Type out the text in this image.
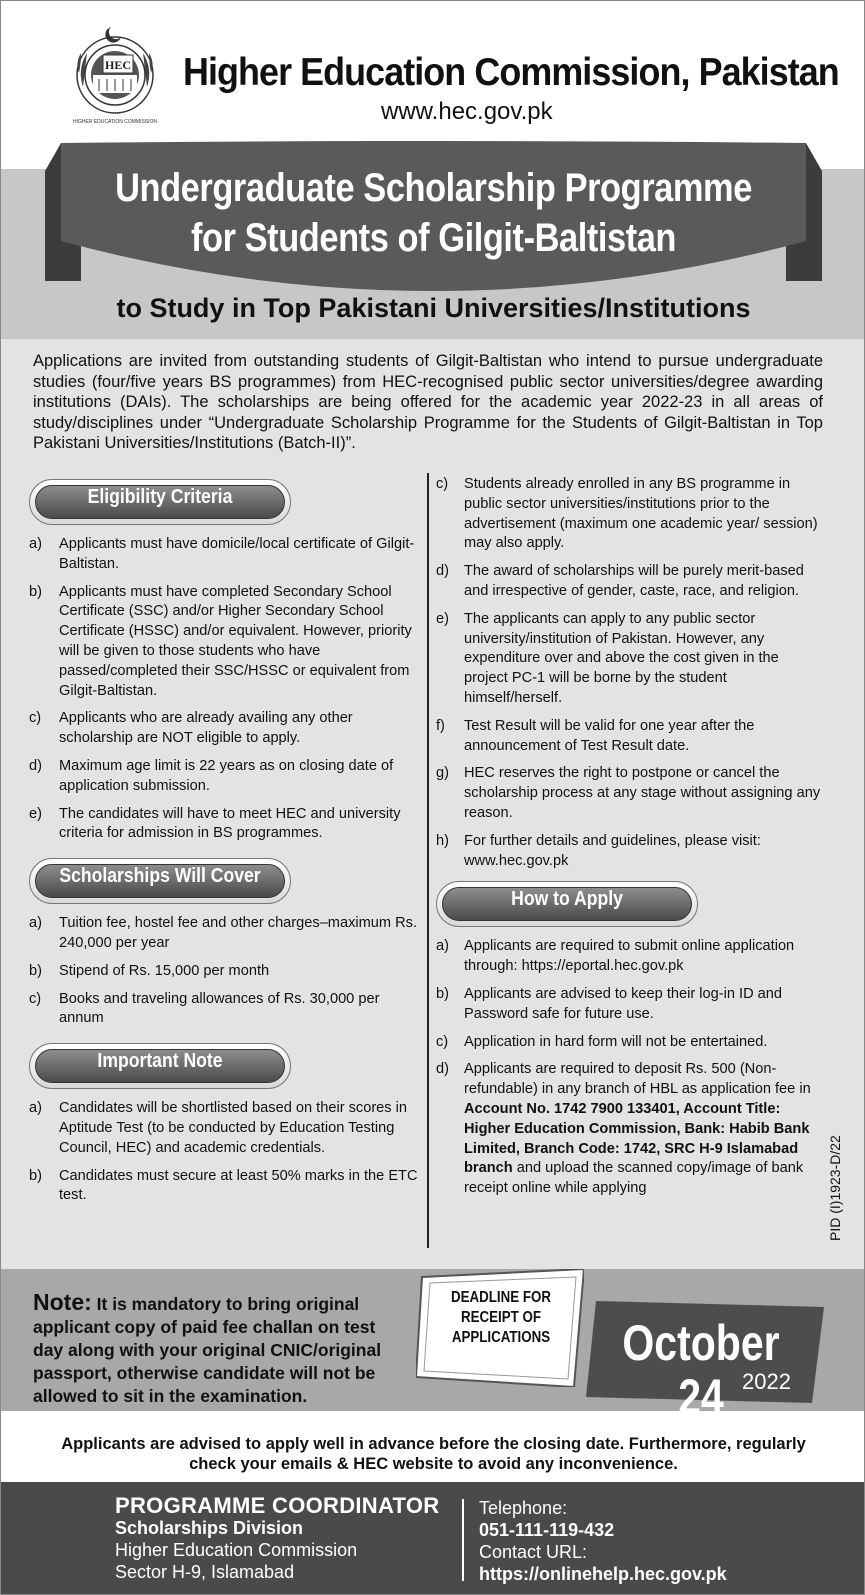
HEC
HIGHER EDUCATION COMMISSION
Higher Education Commission, Pakistan
www.hec.gov.pk
Undergraduate Scholarship Programme
for Students of Gilgit-Baltistan
to Study in Top Pakistani Universities/Institutions

Applications are invited from outstanding students of Gilgit-Baltistan who intend to pursue undergraduate studies (four/five years BS programmes) from HEC-recognised public sector universities/degree awarding institutions (DAIs). The scholarships are being offered for the academic year 2022-23 in all areas of study/disciplines under “Undergraduate Scholarship Programme for the Students of Gilgit-Baltistan in Top Pakistani Universities/Institutions (Batch-II)”.

Eligibility Criteria
a) Applicants must have domicile/local certificate of Gilgit-Baltistan.
b) Applicants must have completed Secondary School Certificate (SSC) and/or Higher Secondary School Certificate (HSSC) and/or equivalent. However, priority will be given to those students who have passed/completed their SSC/HSSC or equivalent from Gilgit-Baltistan.
c) Applicants who are already availing any other scholarship are NOT eligible to apply.
d) Maximum age limit is 22 years as on closing date of application submission.
e) The candidates will have to meet HEC and university criteria for admission in BS programmes.
Scholarships Will Cover
a) Tuition fee, hostel fee and other charges–maximum Rs. 240,000 per year
b) Stipend of Rs. 15,000 per month
c) Books and traveling allowances of Rs. 30,000 per annum
Important Note
a) Candidates will be shortlisted based on their scores in Aptitude Test (to be conducted by Education Testing Council, HEC) and academic credentials.
b) Candidates must secure at least 50% marks in the ETC test.
c) Students already enrolled in any BS programme in public sector universities/institutions prior to the advertisement (maximum one academic year/ session) may also apply.
d) The award of scholarships will be purely merit-based and irrespective of gender, caste, race, and religion.
e) The applicants can apply to any public sector university/institution of Pakistan. However, any expenditure over and above the cost given in the project PC-1 will be borne by the student himself/herself.
f) Test Result will be valid for one year after the announcement of Test Result date.
g) HEC reserves the right to postpone or cancel the scholarship process at any stage without assigning any reason.
h) For further details and guidelines, please visit: www.hec.gov.pk
How to Apply
a) Applicants are required to submit online application through: https://eportal.hec.gov.pk
b) Applicants are advised to keep their log-in ID and Password safe for future use.
c) Application in hard form will not be entertained.
d) Applicants are required to deposit Rs. 500 (Non-refundable) in any branch of HBL as application fee in Account No. 1742 7900 133401, Account Title: Higher Education Commission, Bank: Habib Bank Limited, Branch Code: 1742, SRC H-9 Islamabad branch and upload the scanned copy/image of bank receipt online while applying	PID (I)1923-D/22
Note: It is mandatory to bring original applicant copy of paid fee challan on test day along with your original CNIC/original passport, otherwise candidate will not be allowed to sit in the examination.
DEADLINE FOR
RECEIPT OF
APPLICATIONS	October 24 2022

Applicants are advised to apply well in advance before the closing date. Furthermore, regularly check your emails & HEC website to avoid any inconvenience.

PROGRAMME COORDINATOR
Scholarships Division
Higher Education Commission
Sector H-9, Islamabad
Telephone:
051-111-119-432
Contact URL:
https://onlinehelp.hec.gov.pk
